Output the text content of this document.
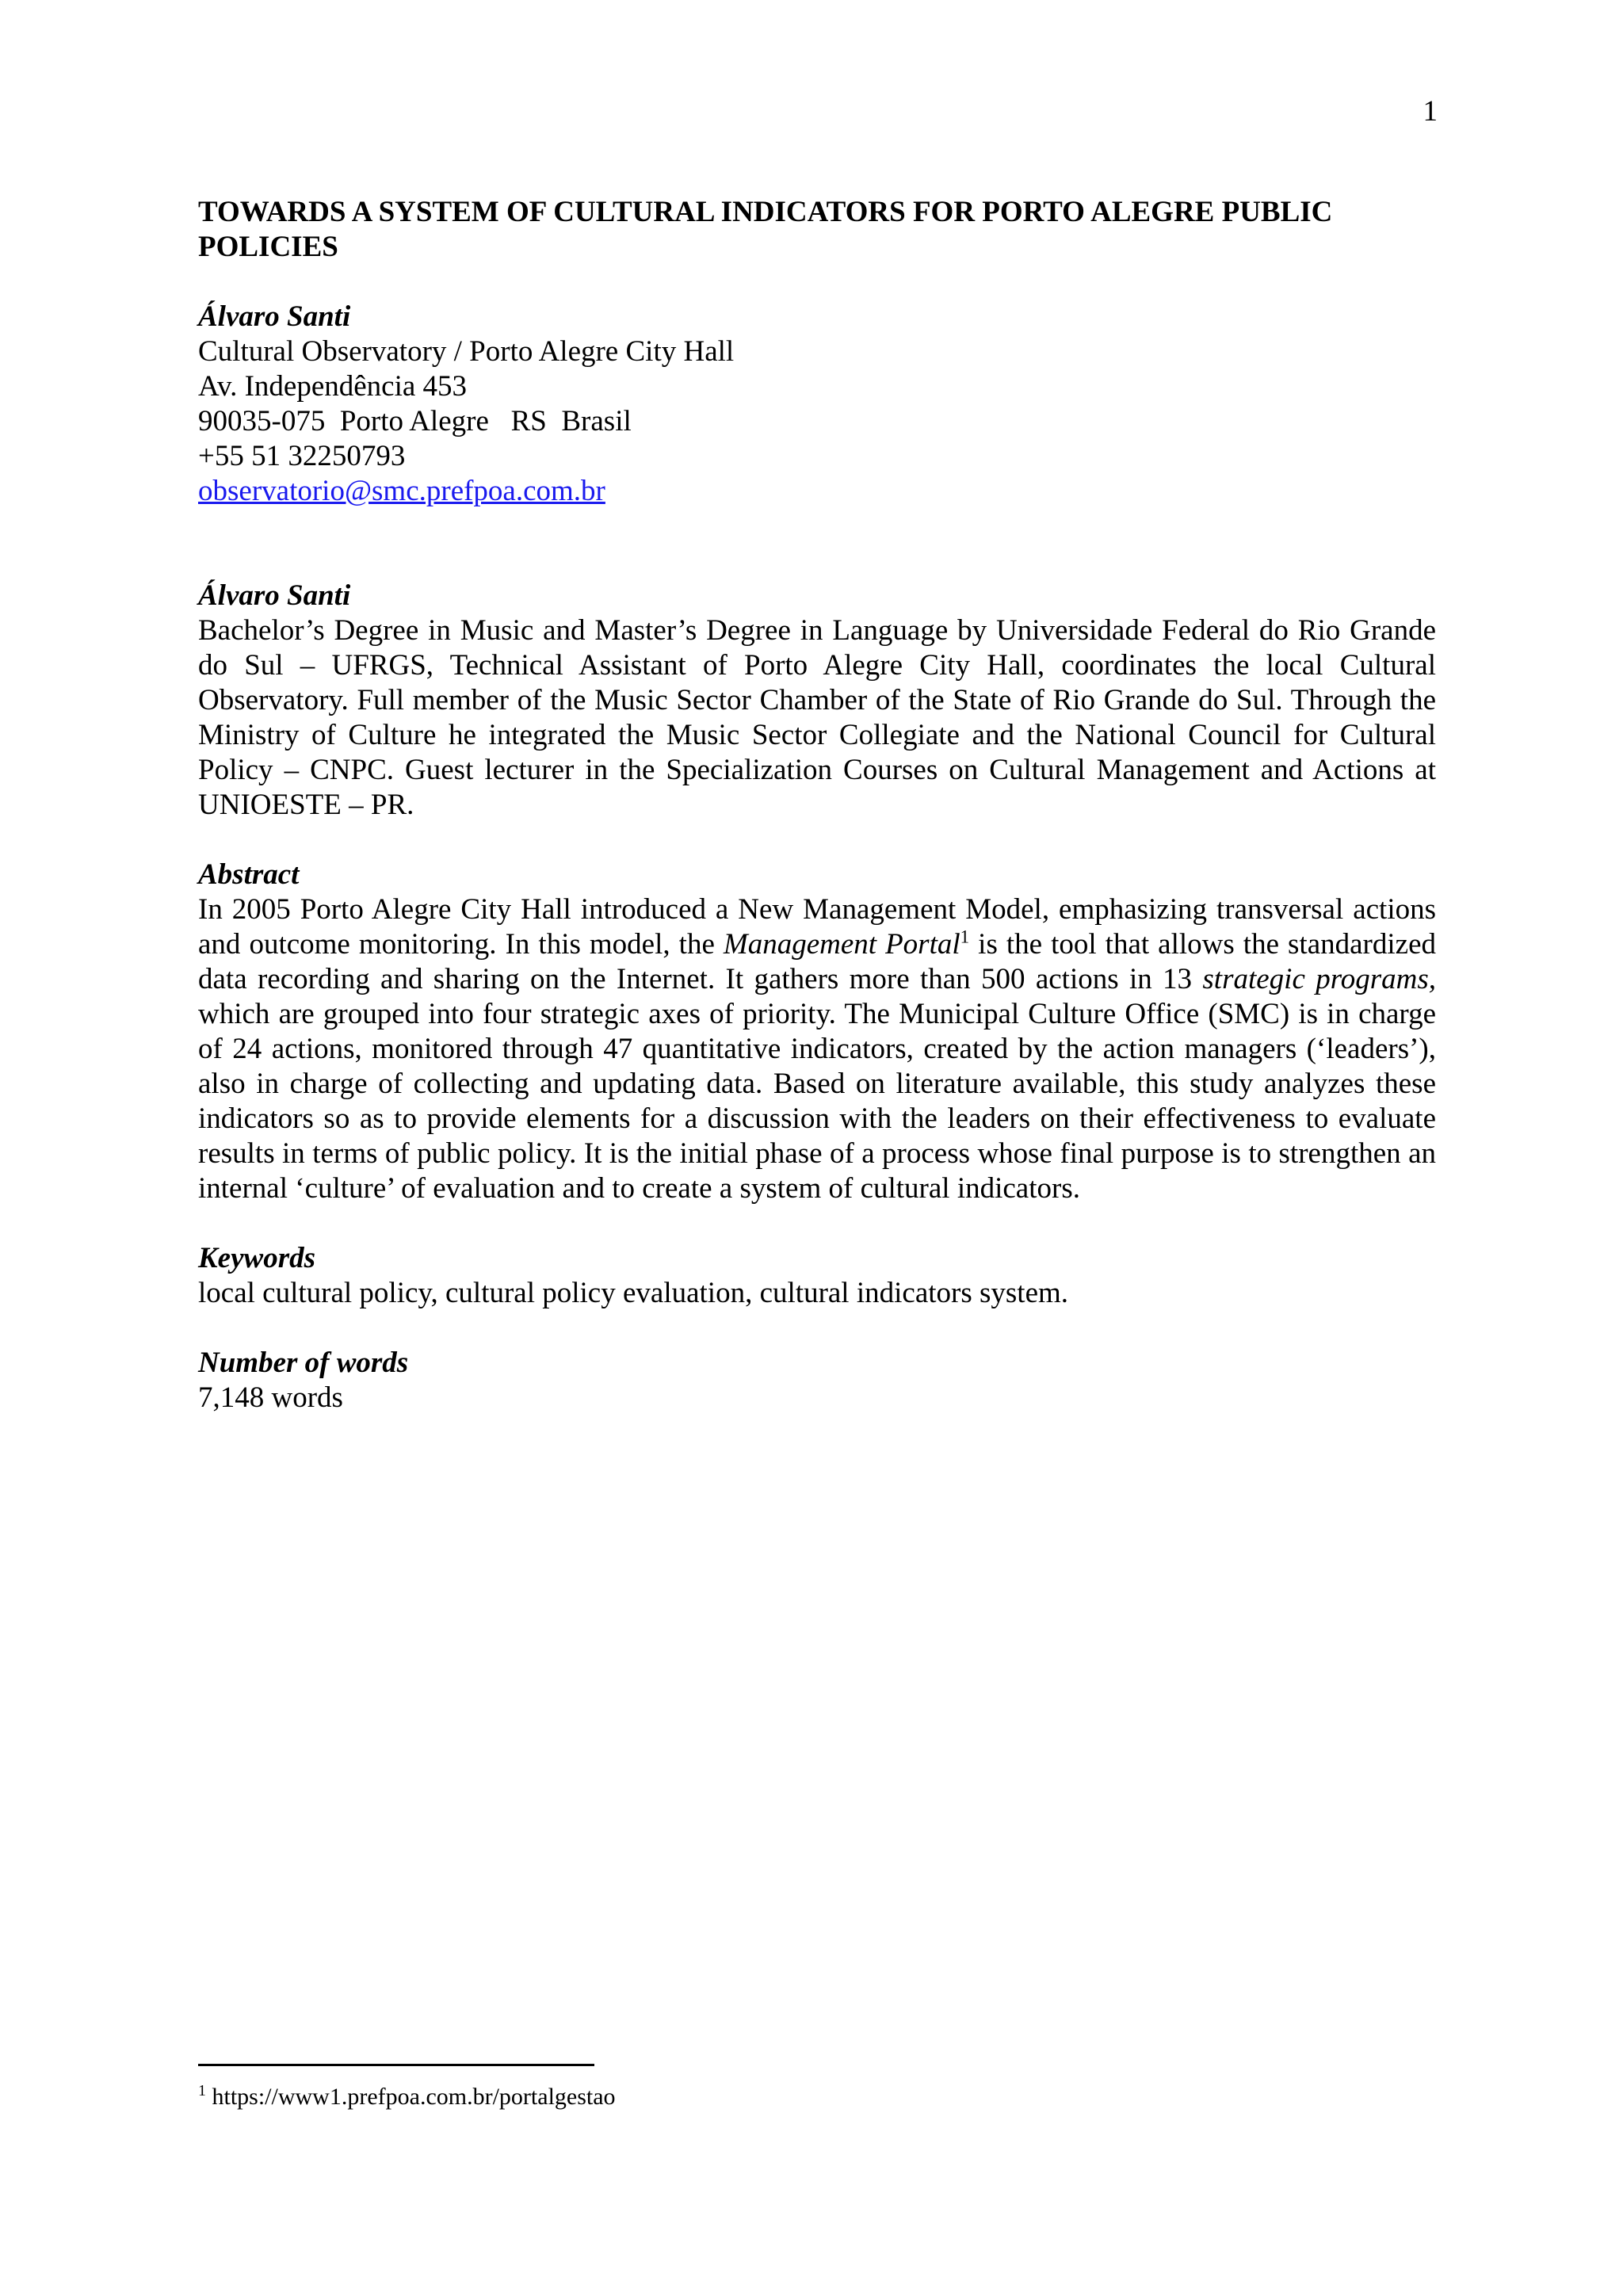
1

TOWARDS A SYSTEM OF CULTURAL INDICATORS FOR PORTO ALEGRE PUBLIC POLICIES

Álvaro Santi

Cultural Observatory / Porto Alegre City Hall
Av. Independência 453
90035-075  Porto Alegre   RS  Brasil
+55 51 32250793
observatorio@smc.prefpoa.com.br

Álvaro Santi

Bachelor’s Degree in Music and Master’s Degree in Language by Universidade Federal do Rio Grande do Sul – UFRGS, Technical Assistant of Porto Alegre City Hall, coordinates the local Cultural Observatory. Full member of the Music Sector Chamber of the State of Rio Grande do Sul. Through the Ministry of Culture he integrated the Music Sector Collegiate and the National Council for Cultural Policy – CNPC. Guest lecturer in the Specialization Courses on Cultural Management and Actions at UNIOESTE – PR.

Abstract

In 2005 Porto Alegre City Hall introduced a New Management Model, emphasizing transversal actions and outcome monitoring. In this model, the Management Portal$^1$ is the tool that allows the standardized data recording and sharing on the Internet. It gathers more than 500 actions in 13 strategic programs, which are grouped into four strategic axes of priority. The Municipal Culture Office (SMC) is in charge of 24 actions, monitored through 47 quantitative indicators, created by the action managers (‘leaders’), also in charge of collecting and updating data. Based on literature available, this study analyzes these indicators so as to provide elements for a discussion with the leaders on their effectiveness to evaluate results in terms of public policy. It is the initial phase of a process whose final purpose is to strengthen an internal ‘culture’ of evaluation and to create a system of cultural indicators.

Keywords

local cultural policy, cultural policy evaluation, cultural indicators system.

Number of words

7,148 words

$^1$ https://www1.prefpoa.com.br/portalgestao
